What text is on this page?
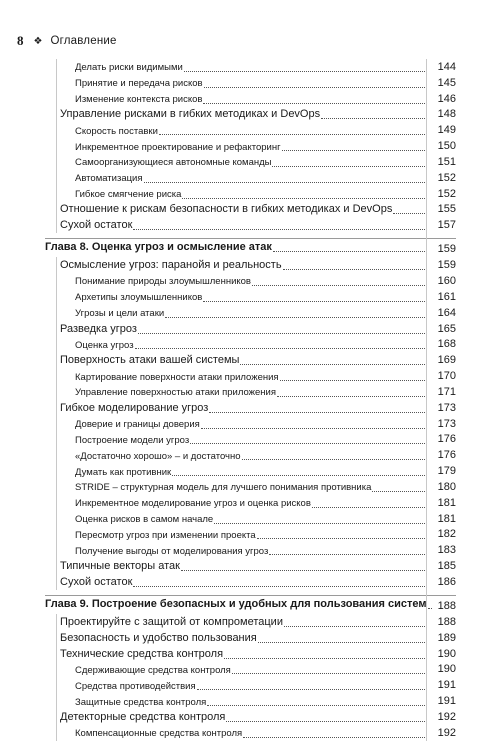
8 ❖ Оглавление
Делать риски видимыми	144
Принятие и передача рисков	145
Изменение контекста рисков	146
Управление рисками в гибких методиках и DevOps	148
Скорость поставки	149
Инкрементное проектирование и рефакторинг	150
Самоорганизующиеся автономные команды	151
Автоматизация	152
Гибкое смягчение риска	152
Отношение к рискам безопасности в гибких методиках и DevOps	155
Сухой остаток	157
Глава 8. Оценка угроз и осмысление атак	159
Осмысление угроз: паранойя и реальность	159
Понимание природы злоумышленников	160
Архетипы злоумышленников	161
Угрозы и цели атаки	164
Разведка угроз	165
Оценка угроз	168
Поверхность атаки вашей системы	169
Картирование поверхности атаки приложения	170
Управление поверхностью атаки приложения	171
Гибкое моделирование угроз	173
Доверие и границы доверия	173
Построение модели угроз	176
«Достаточно хорошо» – и достаточно	176
Думать как противник	179
STRIDE – структурная модель для лучшего понимания противника	180
Инкрементное моделирование угроз и оценка рисков	181
Оценка рисков в самом начале	181
Пересмотр угроз при изменении проекта	182
Получение выгоды от моделирования угроз	183
Типичные векторы атак	185
Сухой остаток	186
Глава 9. Построение безопасных и удобных для пользования систем	188
Проектируйте с защитой от компрометации	188
Безопасность и удобство пользования	189
Технические средства контроля	190
Сдерживающие средства контроля	190
Средства противодействия	191
Защитные средства контроля	191
Детекторные средства контроля	192
Компенсационные средства контроля	192
